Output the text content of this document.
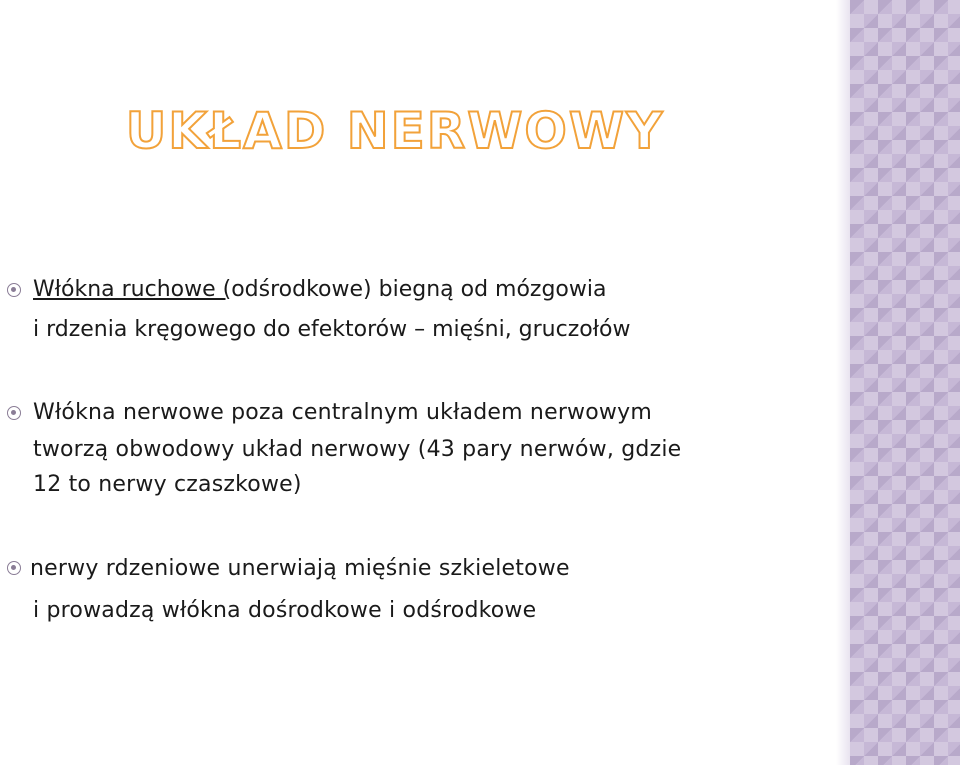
UKŁAD NERWOWY
Włókna ruchowe (odśrodkowe) biegną od mózgowia
i rdzenia kręgowego do efektorów – mięśni, gruczołów
Włókna nerwowe poza centralnym układem nerwowym
tworzą obwodowy układ nerwowy (43 pary nerwów, gdzie
12 to nerwy czaszkowe)
nerwy rdzeniowe unerwiają mięśnie szkieletowe
i prowadzą włókna dośrodkowe i odśrodkowe
